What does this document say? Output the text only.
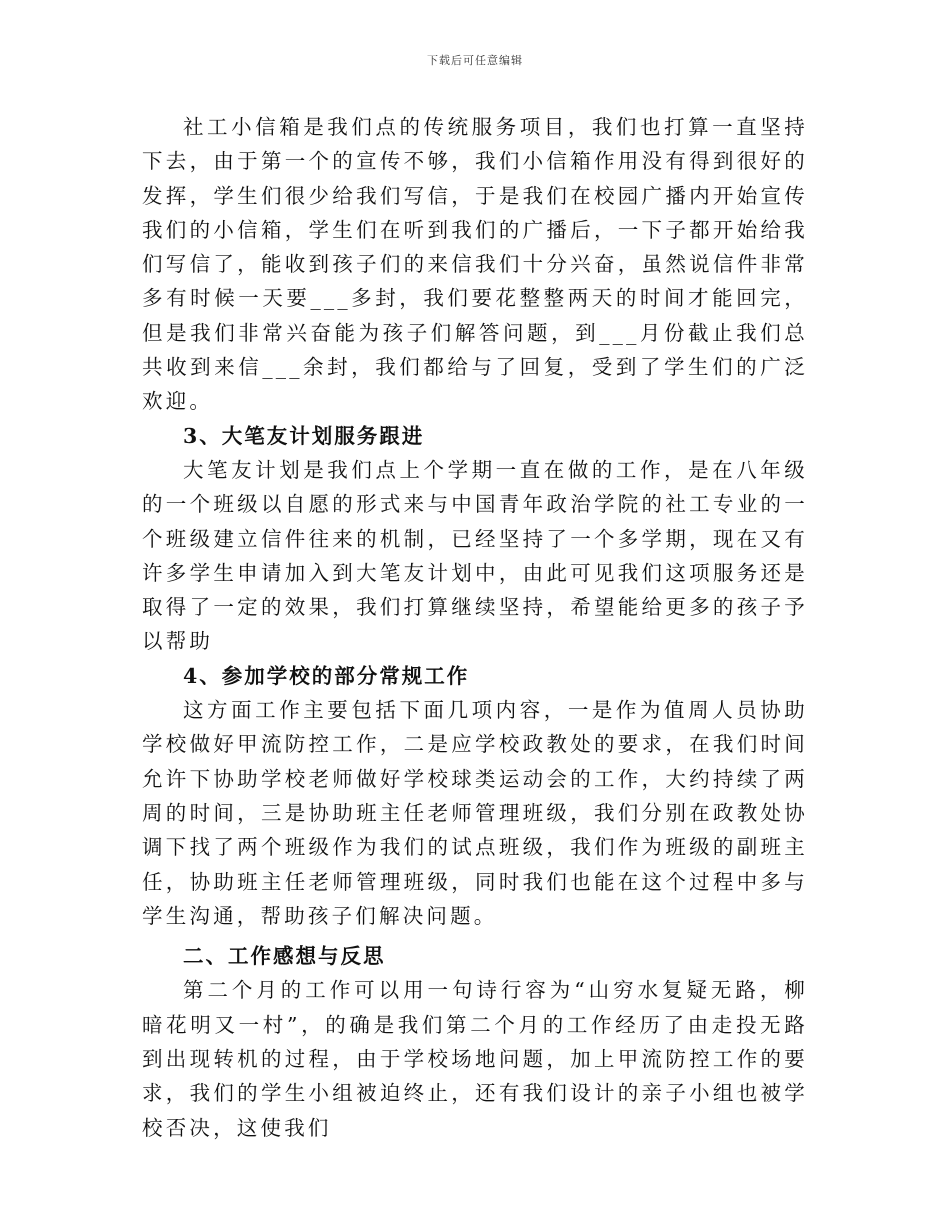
下载后可任意编辑

社工小信箱是我们点的传统服务项目，我们也打算一直坚持下去，由于第一个的宣传不够，我们小信箱作用没有得到很好的发挥，学生们很少给我们写信，于是我们在校园广播内开始宣传我们的小信箱，学生们在听到我们的广播后，一下子都开始给我们写信了，能收到孩子们的来信我们十分兴奋，虽然说信件非常多有时候一天要___多封，我们要花整整两天的时间才能回完，但是我们非常兴奋能为孩子们解答问题，到___月份截止我们总共收到来信___余封，我们都给与了回复，受到了学生们的广泛欢迎。

3、大笔友计划服务跟进

大笔友计划是我们点上个学期一直在做的工作，是在八年级的一个班级以自愿的形式来与中国青年政治学院的社工专业的一个班级建立信件往来的机制，已经坚持了一个多学期，现在又有许多学生申请加入到大笔友计划中，由此可见我们这项服务还是取得了一定的效果，我们打算继续坚持，希望能给更多的孩子予以帮助

4、参加学校的部分常规工作

这方面工作主要包括下面几项内容，一是作为值周人员协助学校做好甲流防控工作，二是应学校政教处的要求，在我们时间允许下协助学校老师做好学校球类运动会的工作，大约持续了两周的时间，三是协助班主任老师管理班级，我们分别在政教处协调下找了两个班级作为我们的试点班级，我们作为班级的副班主任，协助班主任老师管理班级，同时我们也能在这个过程中多与学生沟通，帮助孩子们解决问题。

二、工作感想与反思

第二个月的工作可以用一句诗行容为“山穷水复疑无路，柳暗花明又一村”，的确是我们第二个月的工作经历了由走投无路到出现转机的过程，由于学校场地问题，加上甲流防控工作的要求，我们的学生小组被迫终止，还有我们设计的亲子小组也被学校否决，这使我们
